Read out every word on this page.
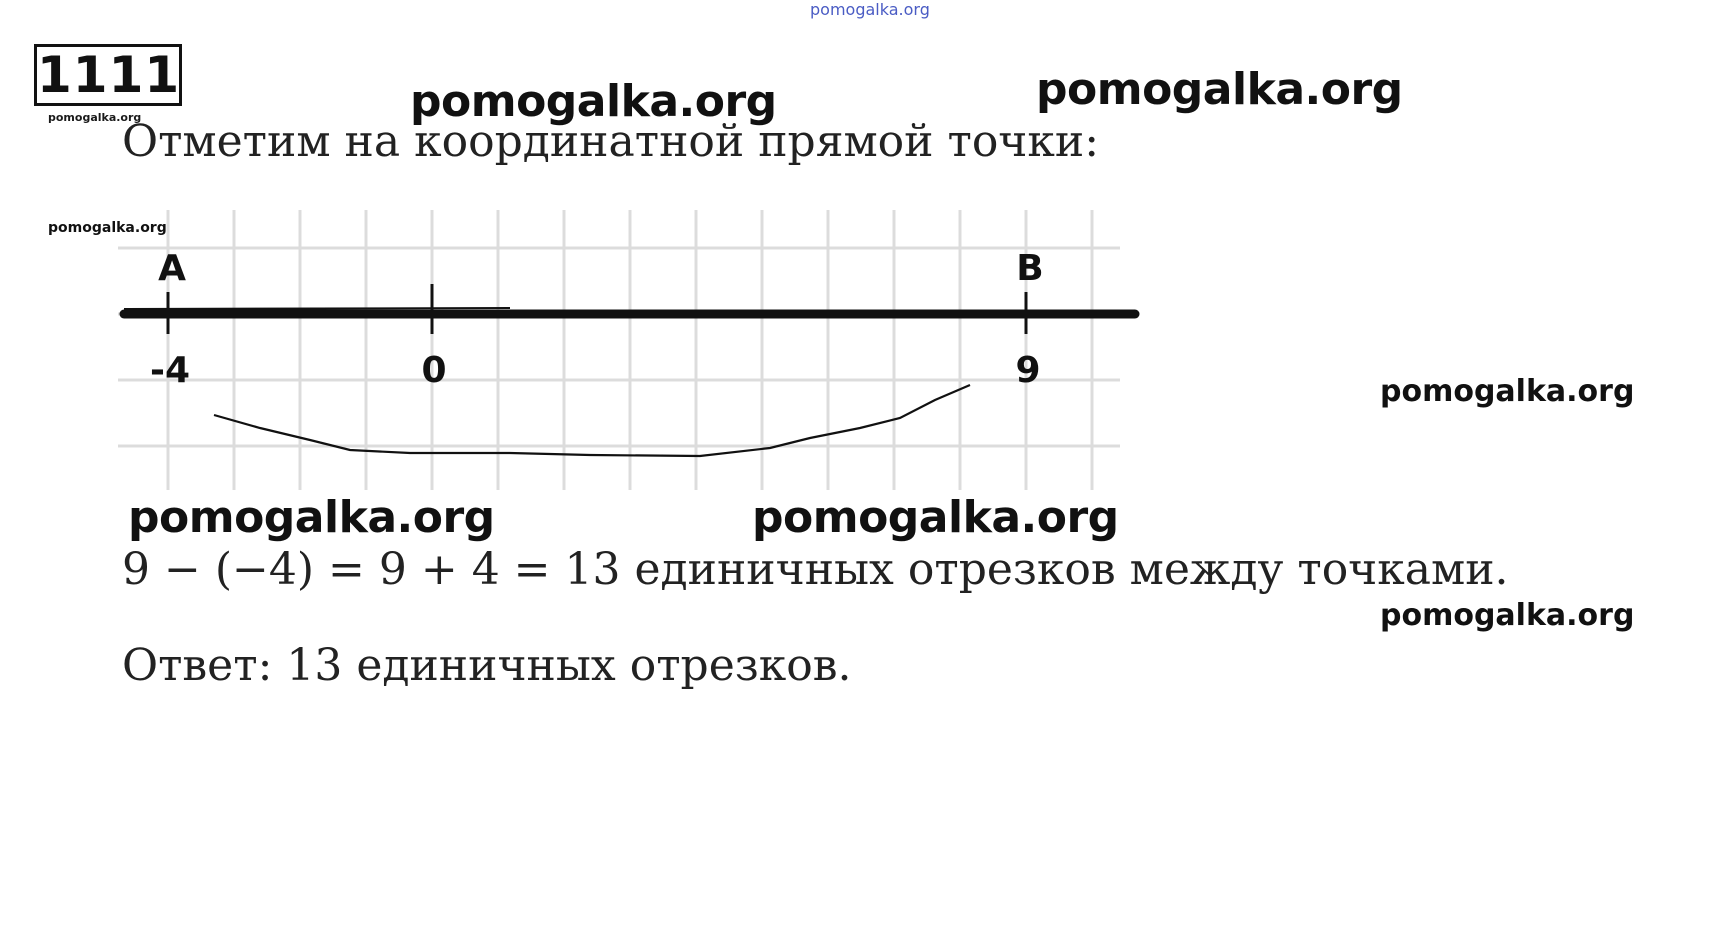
pomogalka.org
1111
pomogalka.org	pomogalka.org	pomogalka.org
pomogalka.org	pomogalka.org
pomogalka.org
pomogalka.org
Отметим на координатной прямой точки:
pomogalka.org
A
-4	0
B
9
9 − (−4) = 9 + 4 = 13 единичных отрезков между точками.
Ответ: 13 единичных отрезков.
